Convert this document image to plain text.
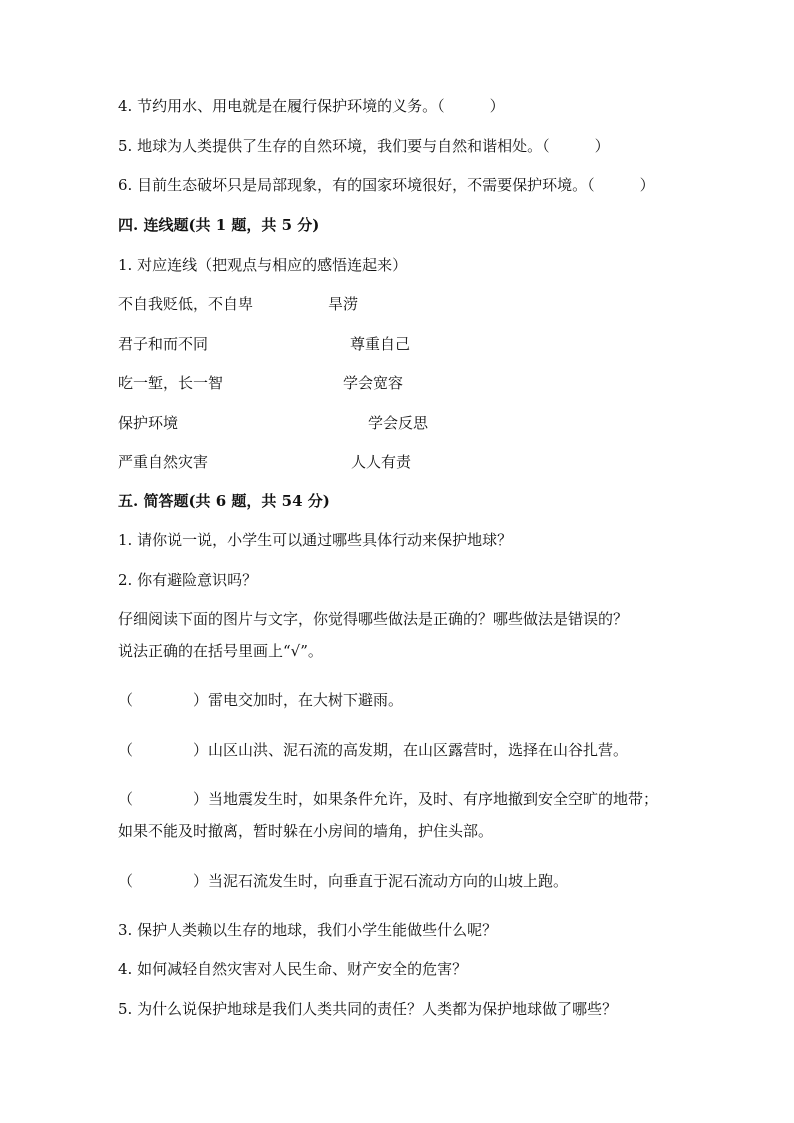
4. 节约用水、用电就是在履行保护环境的义务。（　　　）
5. 地球为人类提供了生存的自然环境，我们要与自然和谐相处。（　　　）
6. 目前生态破坏只是局部现象，有的国家环境很好，不需要保护环境。（　　　）
四. 连线题(共 1 题，共 5 分)
1. 对应连线（把观点与相应的感悟连起来）
不自我贬低，不自卑	旱涝
君子和而不同	尊重自己
吃一堑，长一智	学会宽容
保护环境	学会反思
严重自然灾害	人人有责
五. 简答题(共 6 题，共 54 分)
1. 请你说一说，小学生可以通过哪些具体行动来保护地球？
2. 你有避险意识吗？
仔细阅读下面的图片与文字，你觉得哪些做法是正确的？哪些做法是错误的？
说法正确的在括号里画上“√”。
（　　　　）雷电交加时，在大树下避雨。
（　　　　）山区山洪、泥石流的高发期，在山区露营时，选择在山谷扎营。
（　　　　）当地震发生时，如果条件允许，及时、有序地撤到安全空旷的地带；
如果不能及时撤离，暂时躲在小房间的墙角，护住头部。
（　　　　）当泥石流发生时，向垂直于泥石流动方向的山坡上跑。
3. 保护人类赖以生存的地球，我们小学生能做些什么呢？
4. 如何减轻自然灾害对人民生命、财产安全的危害？
5. 为什么说保护地球是我们人类共同的责任？人类都为保护地球做了哪些？
